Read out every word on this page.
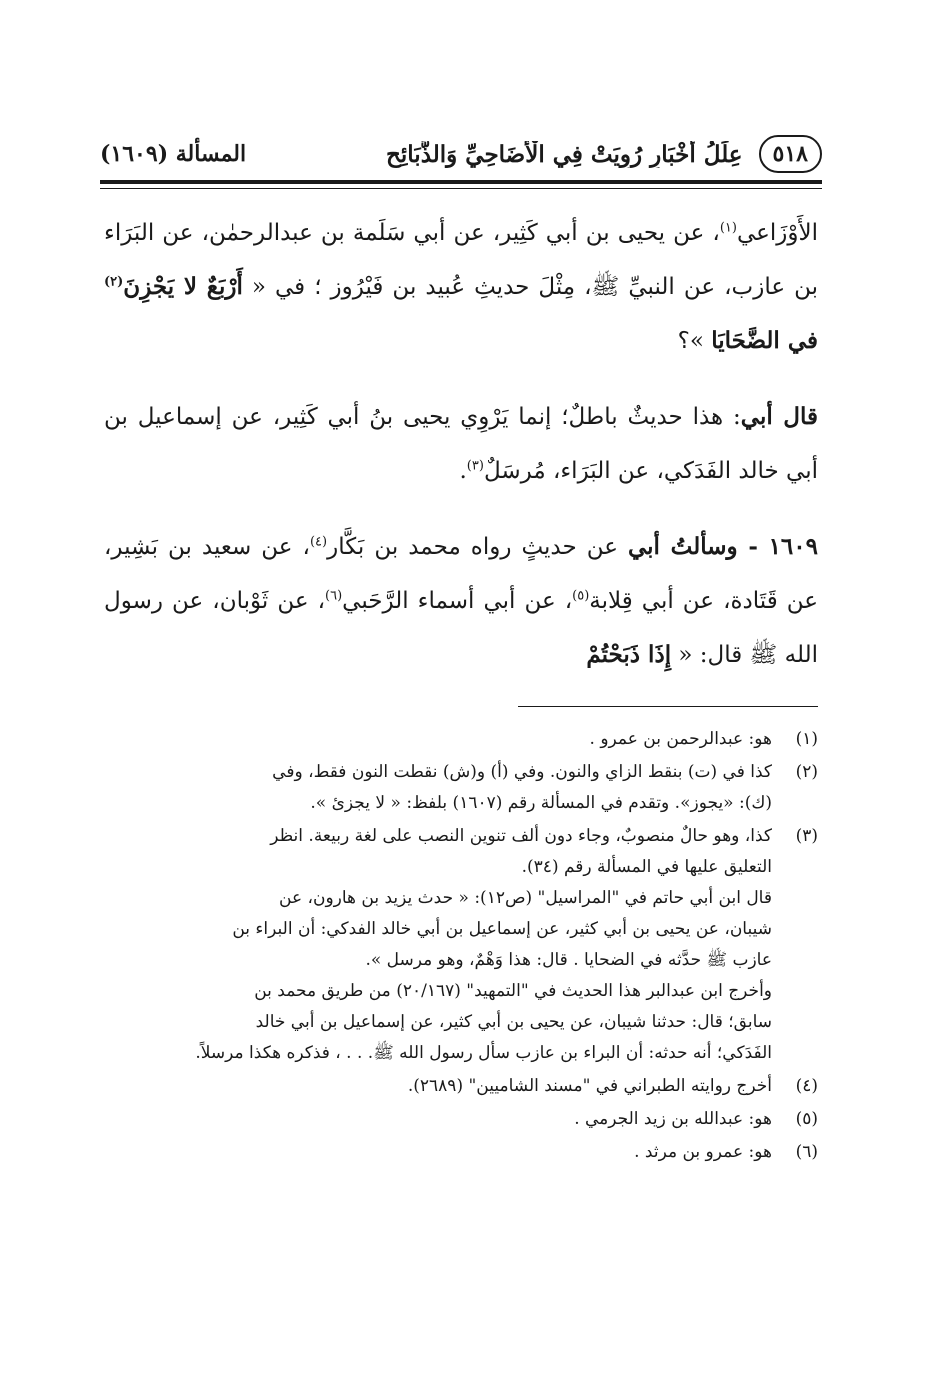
٥١٨
عِلَلُ أَخْبَارٍ رُوِيَتْ فِي الْأَضَاحِيِّ وَالذَّبَائِحِ
المسألة (١٦٠٩)

الأَوْزَاعي$^{(١)}$، عن يحيى بن أبي كَثِير، عن أبي سَلَمة بن عبدالرحمٰن، عن البَرَاء بن عازب، عن النبيِّ ﷺ، مِثْلَ حديثِ عُبيد بن فَيْرُوز ؛ في « أَرْبَعٌ لا يَجْزِنَ$^{(٢)}$ في الضَّحَايَا »؟

قال أبي: هذا حديثٌ باطلٌ؛ إنما يَرْوِي يحيى بنُ أبي كَثِير، عن إسماعيل بن أبي خالد الفَدَكي، عن البَرَاء، مُرسَلٌ$^{(٣)}$.

١٦٠٩ - وسألتُ أبي عن حديثٍ رواه محمد بن بَكَّار$^{(٤)}$، عن سعيد بن بَشِير، عن قَتَادة، عن أبي قِلابة$^{(٥)}$، عن أبي أسماء الرَّحَبي$^{(٦)}$، عن ثَوْبان، عن رسول الله ﷺ قال: « إِذَا ذَبَحْتُمْ

(١)
هو: عبدالرحمن بن عمرو .
(٢)
كذا في (ت) بنقط الزاي والنون. وفي (أ) و(ش) نقطت النون فقط، وفي
(ك): «يجوز». وتقدم في المسألة رقم (١٦٠٧) بلفظ: « لا يجزئ ».
(٣)
كذا، وهو حالٌ منصوبٌ، وجاء دون ألف تنوين النصب على لغة ربيعة. انظر
التعليق عليها في المسألة رقم (٣٤).
قال ابن أبي حاتم في "المراسيل" (ص١٢): « حدث يزيد بن هارون، عن
شيبان، عن يحيى بن أبي كثير، عن إسماعيل بن أبي خالد الفدكي: أن البراء بن
عازب ﷺ حدَّثه في الضحايا . قال: هذا وَهْمٌ، وهو مرسل ».
وأخرج ابن عبدالبر هذا الحديث في "التمهيد" (٢٠/١٦٧) من طريق محمد بن
سابق؛ قال: حدثنا شيبان، عن يحيى بن أبي كثير، عن إسماعيل بن أبي خالد
الفَدَكي؛ أنه حدثه: أن البراء بن عازب سأل رسول الله ﷺ. . . ، فذكره هكذا مرسلاً.
(٤)
أخرج روايته الطبراني في "مسند الشاميين" (٢٦٨٩).
(٥)
هو: عبدالله بن زيد الجرمي .
(٦)
هو: عمرو بن مرثد .
